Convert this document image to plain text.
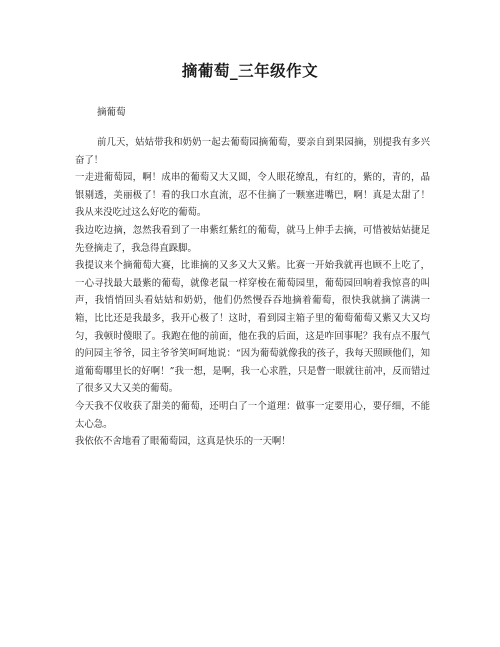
摘葡萄_三年级作文
摘葡萄

前几天，姑姑带我和奶奶一起去葡萄园摘葡萄，要亲自到果园摘，别提我有多兴奋了！

一走进葡萄园，啊！成串的葡萄又大又圆，令人眼花缭乱，有红的，紫的，青的，晶银剔透，美丽极了！看的我口水直流，忍不住摘了一颗塞进嘴巴，啊！真是太甜了！我从来没吃过这么好吃的葡萄。

我边吃边摘，忽然我看到了一串紫红紫红的葡萄，就马上伸手去摘，可惜被姑姑捷足先登摘走了，我急得直跺脚。

我提议来个摘葡萄大赛，比谁摘的又多又大又紫。比赛一开始我就再也顾不上吃了，一心寻找最大最紫的葡萄，就像老鼠一样穿梭在葡萄园里，葡萄园回响着我惊喜的叫声，我悄悄回头看姑姑和奶奶，他们仍然慢吞吞地摘着葡萄，很快我就摘了满满一箱，比比还是我最多，我开心极了！这时，看到园主箱子里的葡萄葡萄又紫又大又均匀，我顿时傻眼了。我跑在他的前面，他在我的后面，这是咋回事呢？我有点不服气的问园主爷爷，园主爷爷笑呵呵地说：“因为葡萄就像我的孩子，我每天照顾他们，知道葡萄哪里长的好啊！”我一想，是啊，我一心求胜，只是瞥一眼就往前冲，反而错过了很多又大又美的葡萄。

今天我不仅收获了甜美的葡萄，还明白了一个道理：做事一定要用心，要仔细，不能太心急。

我依依不舍地看了眼葡萄园，这真是快乐的一天啊！
